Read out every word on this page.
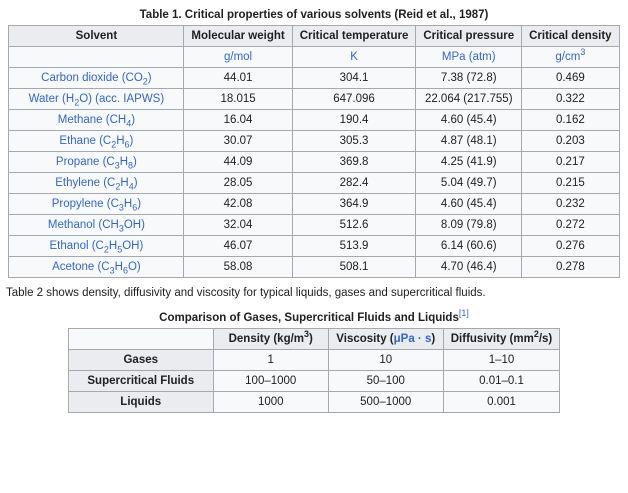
Table 1. Critical properties of various solvents (Reid et al., 1987)
Solvent	Molecular weight	Critical temperature	Critical pressure	Critical density
	g/mol	K	MPa (atm)	$g/cm^3$
Carbon dioxide $(CO_2)$	44.01	304.1	7.38 (72.8)	0.469
Water $(H_2O)$ (acc. IAPWS)	18.015	647.096	22.064 (217.755)	0.322
Methane $(CH_4)$	16.04	190.4	4.60 (45.4)	0.162
Ethane $(C_2H_6)$	30.07	305.3	4.87 (48.1)	0.203
Propane $(C_3H_8)$	44.09	369.8	4.25 (41.9)	0.217
Ethylene $(C_2H_4)$	28.05	282.4	5.04 (49.7)	0.215
Propylene $(C_3H_6)$	42.08	364.9	4.60 (45.4)	0.232
Methanol $(CH_3OH)$	32.04	512.6	8.09 (79.8)	0.272
Ethanol $(C_2H_5OH)$	46.07	513.9	6.14 (60.6)	0.276
Acetone $(C_3H_6O)$	58.08	508.1	4.70 (46.4)	0.278
Table 2 shows density, diffusivity and viscosity for typical liquids, gases and supercritical fluids.
Comparison of Gases, Supercritical Fluids and Liquids[1]
	Density $(kg/m^3)$	Viscosity (μPa · s)	Diffusivity $(mm^2/s)$
Gases	1	10	1–10
Supercritical Fluids	100–1000	50–100	0.01–0.1
Liquids	1000	500–1000	0.001
